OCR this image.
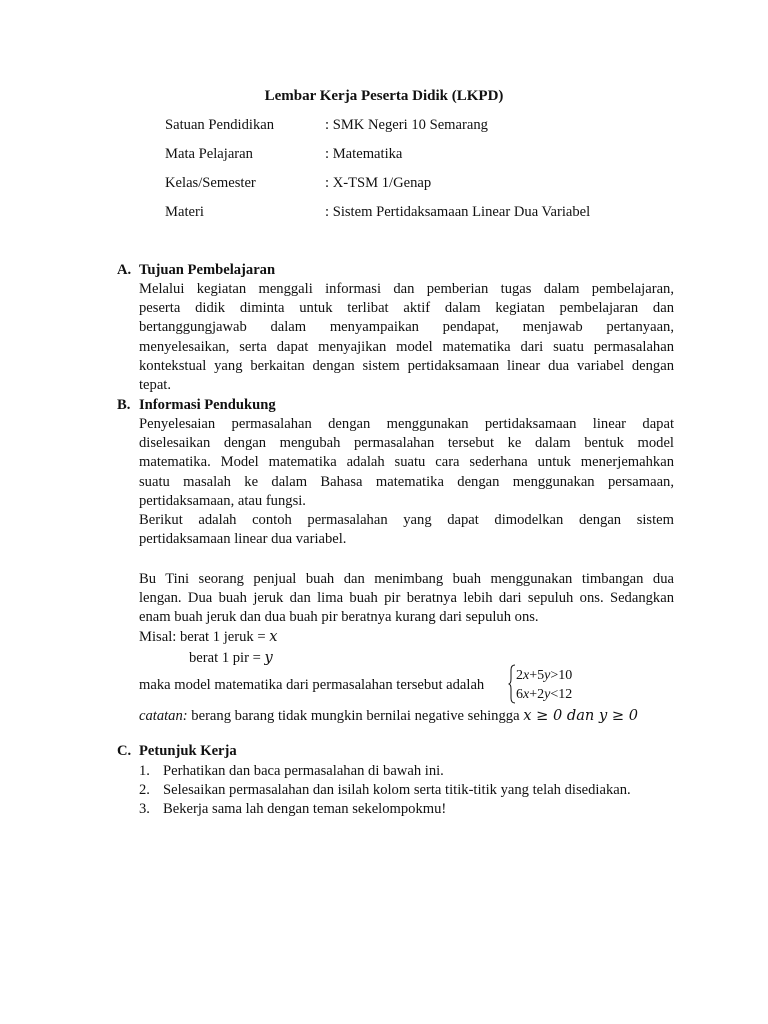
Lembar Kerja Peserta Didik (LKPD)
Satuan Pendidikan	: SMK Negeri 10 Semarang
Mata Pelajaran	: Matematika
Kelas/Semester	: X-TSM 1/Genap
Materi	: Sistem Pertidaksamaan Linear Dua Variabel
A. Tujuan Pembelajaran
Melalui kegiatan menggali informasi dan pemberian tugas dalam pembelajaran,
peserta didik diminta untuk terlibat aktif dalam kegiatan pembelajaran dan
bertanggungjawab dalam menyampaikan pendapat, menjawab pertanyaan,
menyelesaikan, serta dapat menyajikan model matematika dari suatu permasalahan
kontekstual yang berkaitan dengan sistem pertidaksamaan linear dua variabel dengan
tepat.
B. Informasi Pendukung
Penyelesaian permasalahan dengan menggunakan pertidaksamaan linear dapat
diselesaikan dengan mengubah permasalahan tersebut ke dalam bentuk model
matematika. Model matematika adalah suatu cara sederhana untuk menerjemahkan
suatu masalah ke dalam Bahasa matematika dengan menggunakan persamaan,
pertidaksamaan, atau fungsi.
Berikut adalah contoh permasalahan yang dapat dimodelkan dengan sistem
pertidaksamaan linear dua variabel.
Bu Tini seorang penjual buah dan menimbang buah menggunakan timbangan dua
lengan. Dua buah jeruk dan lima buah pir beratnya lebih dari sepuluh ons. Sedangkan
enam buah jeruk dan dua buah pir beratnya kurang dari sepuluh ons.
Misal: berat 1 jeruk = x
berat 1 pir = y
maka model matematika dari permasalahan tersebut adalah
2x+5y>10
6x+2y<12
catatan: berang barang tidak mungkin bernilai negative sehingga x ≥ 0 dan y ≥ 0
C. Petunjuk Kerja
1. Perhatikan dan baca permasalahan di bawah ini.
2. Selesaikan permasalahan dan isilah kolom serta titik-titik yang telah disediakan.
3. Bekerja sama lah dengan teman sekelompokmu!
